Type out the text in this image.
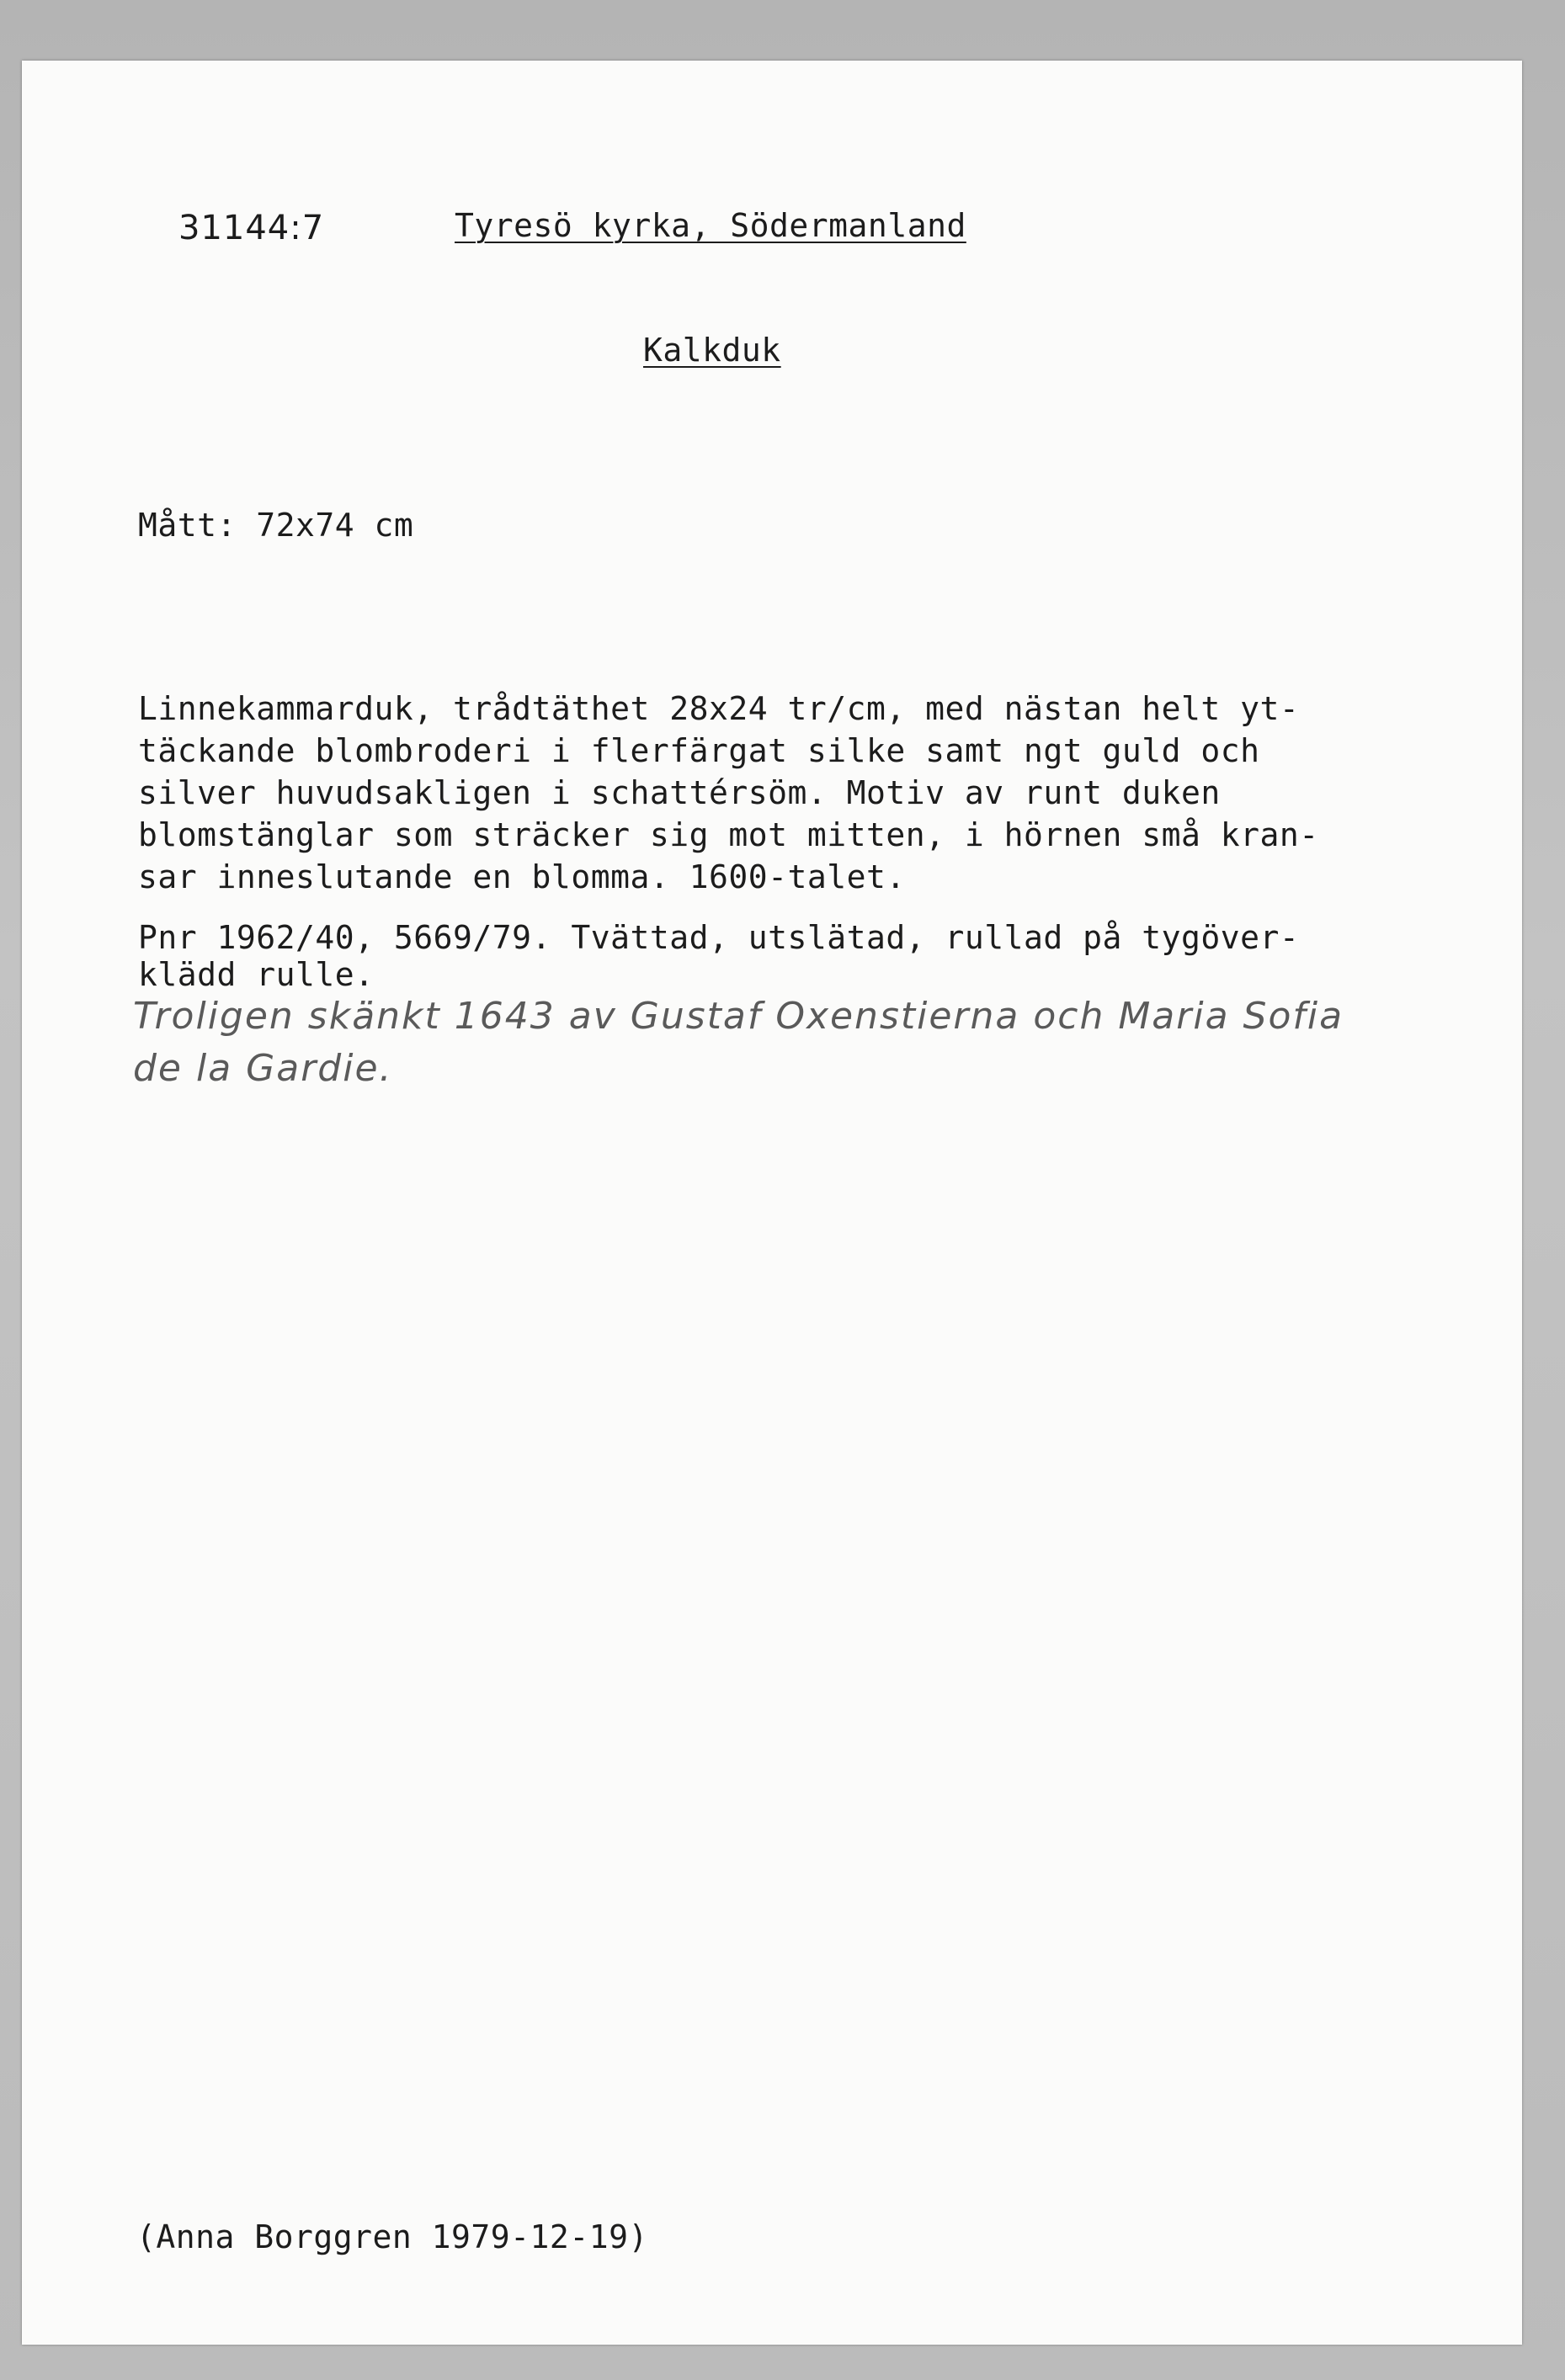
31144:7	Tyresö kyrka, Södermanland
Kalkduk
Mått: 72x74 cm
Linnekammarduk, trådtäthet 28x24 tr/cm, med nästan helt yt-
täckande blombroderi i flerfärgat silke samt ngt guld och
silver huvudsakligen i schattérsöm. Motiv av runt duken
blomstänglar som sträcker sig mot mitten, i hörnen små kran-
sar inneslutande en blomma. 1600-talet.
Pnr 1962/40, 5669/79. Tvättad, utslätad, rullad på tygöver-
klädd rulle.
Troligen skänkt 1643 av Gustaf Oxenstierna och Maria Sofia
de la Gardie.
(Anna Borggren 1979-12-19)
